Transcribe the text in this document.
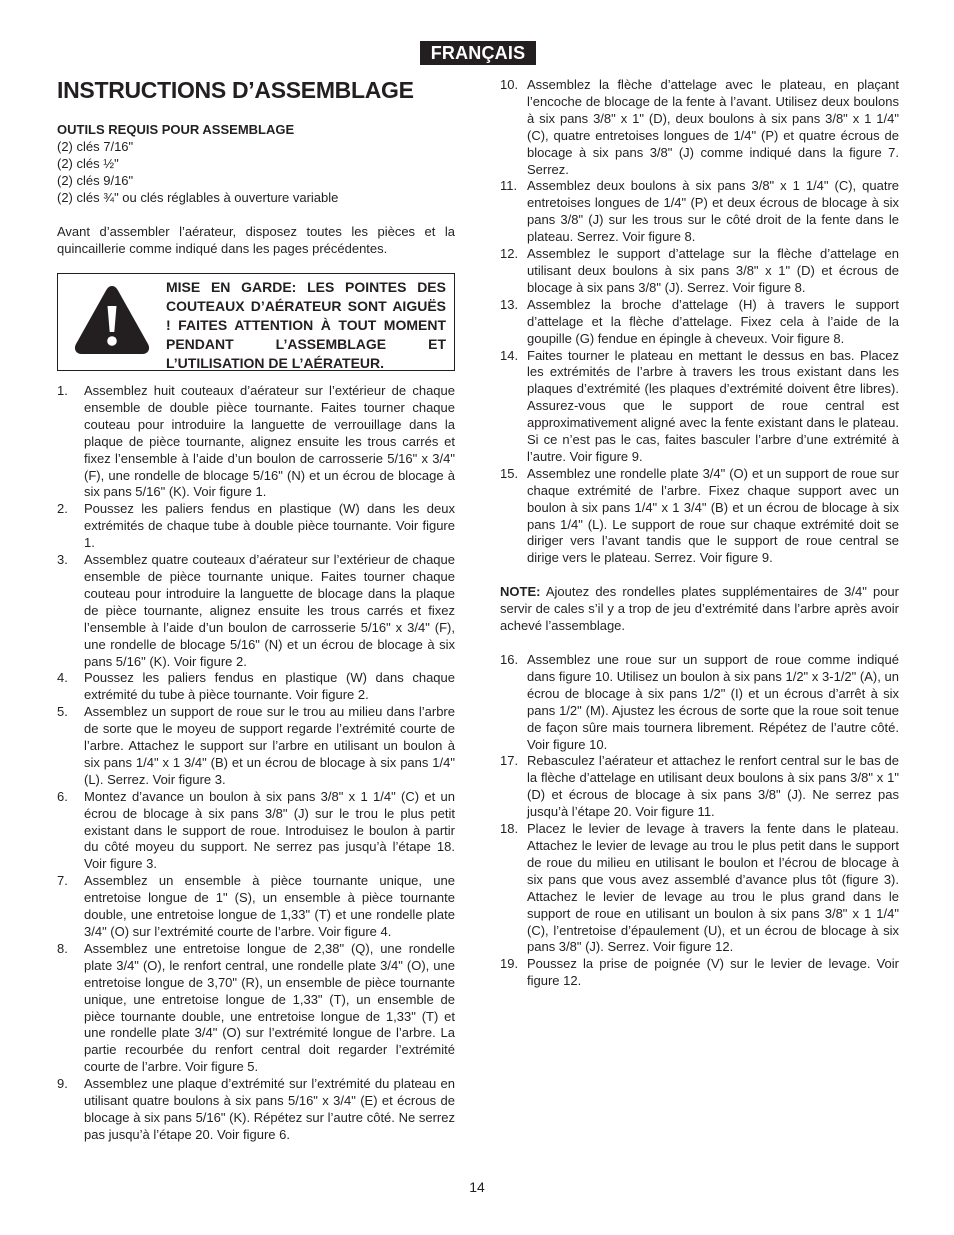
FRANÇAIS
INSTRUCTIONS D’ASSEMBLAGE
OUTILS REQUIS POUR ASSEMBLAGE
(2) clés 7/16"
(2) clés ½"
(2) clés 9/16"
(2) clés ¾" ou clés réglables à ouverture variable

Avant d’assembler l’aérateur, disposez toutes les pièces et la quincaillerie comme indiqué dans les pages précédentes.

MISE EN GARDE: LES POINTES DES COUTEAUX D’AÉRATEUR SONT AIGUËS ! FAITES ATTENTION À TOUT MOMENT PENDANT L’ASSEMBLAGE ET L’UTILISATION DE L’AÉRATEUR.
1. Assemblez huit couteaux d’aérateur sur l’extérieur de chaque ensemble de double pièce tournante. Faites tourner chaque couteau pour introduire la languette de verrouillage dans la plaque de pièce tournante, alignez ensuite les trous carrés et fixez l’ensemble à l’aide d’un boulon de carrosserie 5/16" x 3/4" (F), une rondelle de blocage 5/16" (N) et un écrou de blocage à six pans 5/16" (K). Voir figure 1.
2. Poussez les paliers fendus en plastique (W) dans les deux extrémités de chaque tube à double pièce tournante. Voir figure 1.
3. Assemblez quatre couteaux d’aérateur sur l’extérieur de chaque ensemble de pièce tournante unique. Faites tourner chaque couteau pour introduire la languette de blocage dans la plaque de pièce tournante, alignez ensuite les trous carrés et fixez l’ensemble à l’aide d’un boulon de carrosserie 5/16" x 3/4" (F), une rondelle de blocage 5/16" (N) et un écrou de blocage à six pans 5/16" (K). Voir figure 2.
4. Poussez les paliers fendus en plastique (W) dans chaque extrémité du tube à pièce tournante. Voir figure 2.
5. Assemblez un support de roue sur le trou au milieu dans l’arbre de sorte que le moyeu de support regarde l’extrémité courte de l’arbre. Attachez le support sur l’arbre en utilisant un boulon à six pans 1/4" x 1 3/4" (B) et un écrou de blocage à six pans 1/4" (L). Serrez. Voir figure 3.
6. Montez d’avance un boulon à six pans 3/8" x 1 1/4" (C) et un écrou de blocage à six pans 3/8" (J) sur le trou le plus petit existant dans le support de roue. Introduisez le boulon à partir du côté moyeu du support. Ne serrez pas jusqu’à l’étape 18. Voir figure 3.
7. Assemblez un ensemble à pièce tournante unique, une entretoise longue de 1" (S), un ensemble à pièce tournante double, une entretoise longue de 1,33" (T) et une rondelle plate 3/4" (O) sur l’extrémité courte de l’arbre. Voir figure 4.
8. Assemblez une entretoise longue de 2,38" (Q), une rondelle plate 3/4" (O), le renfort central, une rondelle plate 3/4" (O), une entretoise longue de 3,70" (R), un ensemble de pièce tournante unique, une entretoise longue de 1,33" (T), un ensemble de pièce tournante double, une entretoise longue de 1,33" (T) et une rondelle plate 3/4" (O) sur l’extrémité longue de l’arbre. La partie recourbée du renfort central doit regarder l’extrémité courte de l’arbre. Voir figure 5.
9. Assemblez une plaque d’extrémité sur l’extrémité du plateau en utilisant quatre boulons à six pans 5/16" x 3/4" (E) et écrous de blocage à six pans 5/16" (K). Répétez sur l’autre côté. Ne serrez pas jusqu’à l’étape 20. Voir figure 6.
10. Assemblez la flèche d’attelage avec le plateau, en plaçant l’encoche de blocage de la fente à l’avant. Utilisez deux boulons à six pans 3/8" x 1" (D), deux boulons à six pans 3/8" x 1 1/4" (C), quatre entretoises longues de 1/4" (P) et quatre écrous de blocage à six pans 3/8" (J) comme indiqué dans la figure 7. Serrez.
11. Assemblez deux boulons à six pans 3/8" x 1 1/4" (C), quatre entretoises longues de 1/4" (P) et deux écrous de blocage à six pans 3/8" (J) sur les trous sur le côté droit de la fente dans le plateau. Serrez. Voir figure 8.
12. Assemblez le support d’attelage sur la flèche d’attelage en utilisant deux boulons à six pans 3/8" x 1" (D) et écrous de blocage à six pans 3/8" (J). Serrez. Voir figure 8.
13. Assemblez la broche d’attelage (H) à travers le support d’attelage et la flèche d’attelage. Fixez cela à l’aide de la goupille (G) fendue en épingle à cheveux. Voir figure 8.
14. Faites tourner le plateau en mettant le dessus en bas. Placez les extrémités de l’arbre à travers les trous existant dans les plaques d’extrémité (les plaques d’extrémité doivent être libres). Assurez-vous que le support de roue central est approximativement aligné avec la fente existant dans le plateau. Si ce n’est pas le cas, faites basculer l’arbre d’une extrémité à l’autre. Voir figure 9.
15. Assemblez une rondelle plate 3/4" (O) et un support de roue sur chaque extrémité de l’arbre. Fixez chaque support avec un boulon à six pans 1/4" x 1 3/4" (B) et un écrou de blocage à six pans 1/4" (L). Le support de roue sur chaque extrémité doit se diriger vers l’avant tandis que le support de roue central se dirige vers le plateau. Serrez. Voir figure 9.

NOTE: Ajoutez des rondelles plates supplémentaires de 3/4" pour servir de cales s’il y a trop de jeu d’extrémité dans l’arbre après avoir achevé l’assemblage.

16. Assemblez une roue sur un support de roue comme indiqué dans figure 10. Utilisez un boulon à six pans 1/2" x 3-1/2" (A), un écrou de blocage à six pans 1/2" (I) et un écrous d’arrêt à six pans 1/2" (M). Ajustez les écrous de sorte que la roue soit tenue de façon sûre mais tournera librement. Répétez de l’autre côté. Voir figure 10.
17. Rebasculez l’aérateur et attachez le renfort central sur le bas de la flèche d’attelage en utilisant deux boulons à six pans 3/8" x 1" (D) et écrous de blocage à six pans 3/8" (J). Ne serrez pas jusqu’à l’étape 20. Voir figure 11.
18. Placez le levier de levage à travers la fente dans le plateau. Attachez le levier de levage au trou le plus petit dans le support de roue du milieu en utilisant le boulon et l’écrou de blocage à six pans que vous avez assemblé d’avance plus tôt (figure 3). Attachez le levier de levage au trou le plus grand dans le support de roue en utilisant un boulon à six pans 3/8" x 1 1/4" (C), l’entretoise d’épaulement (U), et un écrou de blocage à six pans 3/8" (J). Serrez. Voir figure 12.
19. Poussez la prise de poignée (V) sur le levier de levage. Voir figure 12.
14
